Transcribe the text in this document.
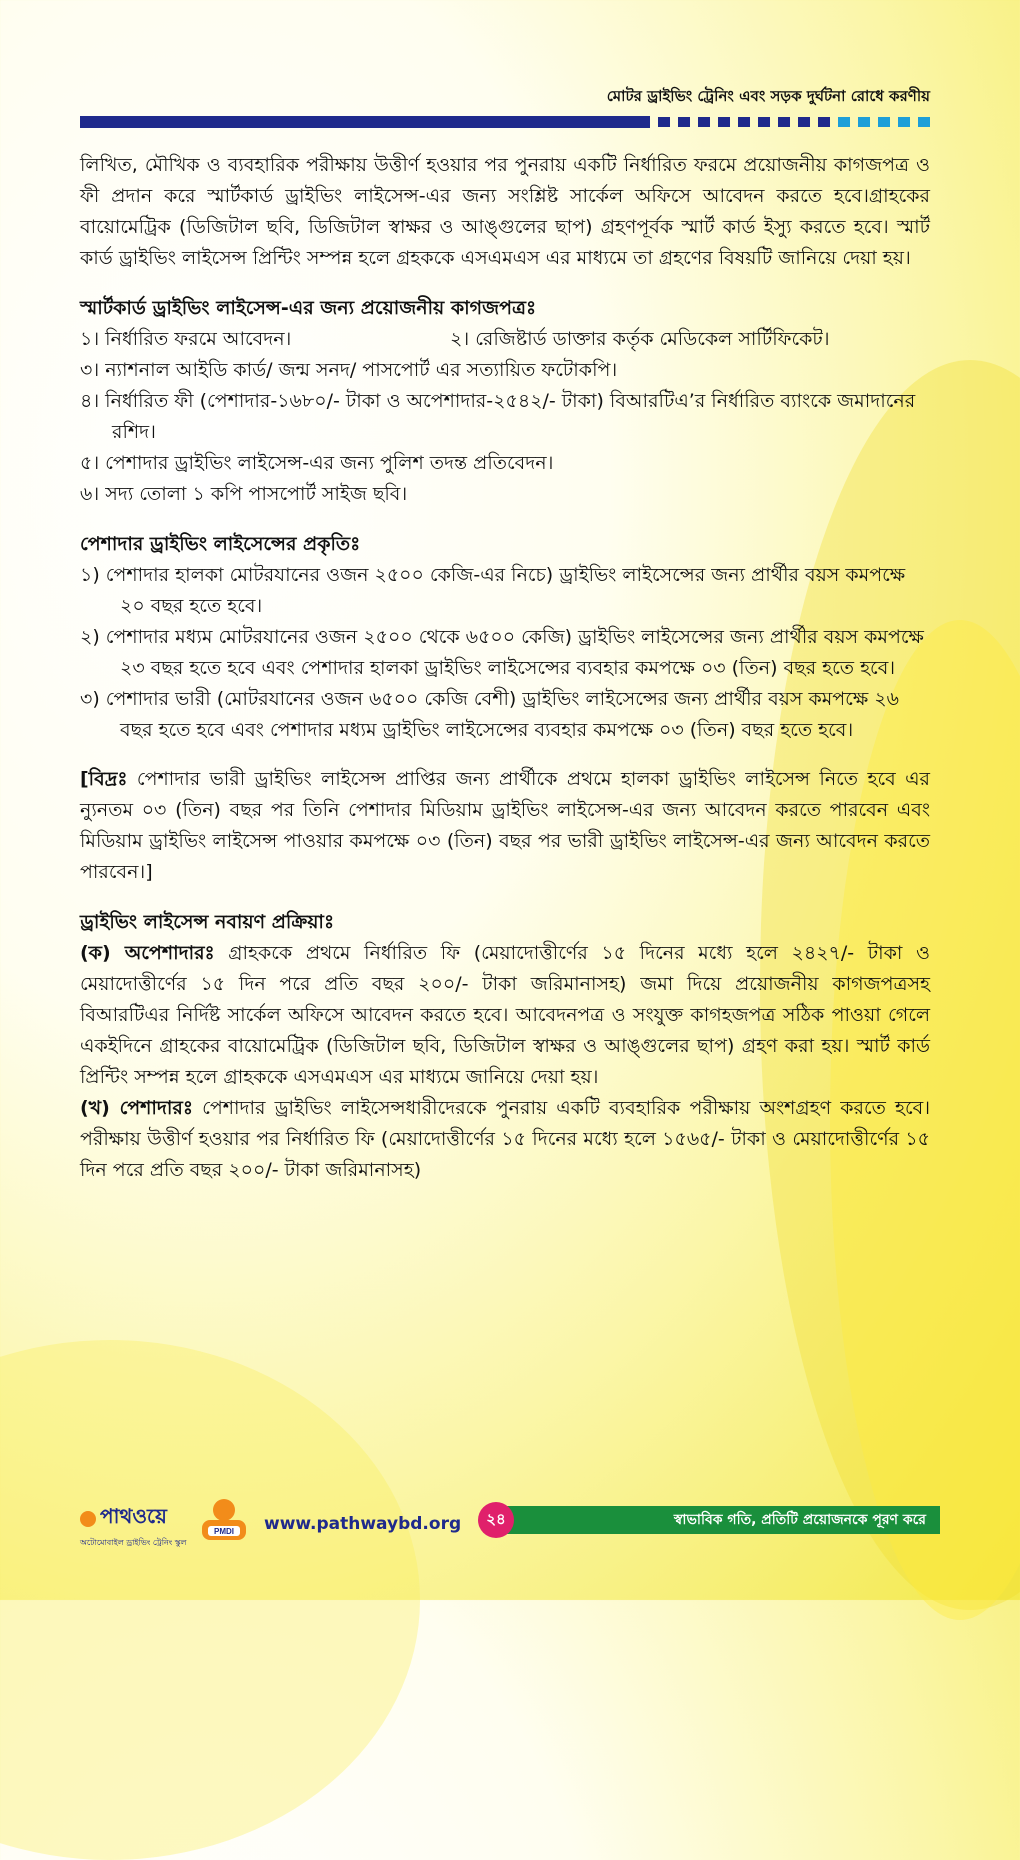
মোটর ড্রাইভিং ট্রেনিং এবং সড়ক দুর্ঘটনা রোধে করণীয়

লিখিত, মৌখিক ও ব্যবহারিক পরীক্ষায় উত্তীর্ণ হওয়ার পর পুনরায় একটি নির্ধারিত ফরমে প্রয়োজনীয় কাগজপত্র ও ফী প্রদান করে স্মার্টকার্ড ড্রাইভিং লাইসেন্স-এর জন্য সংশ্লিষ্ট সার্কেল অফিসে আবেদন করতে হবে।গ্রাহকের বায়োমেট্রিক (ডিজিটাল ছবি, ডিজিটাল স্বাক্ষর ও আঙ্গুলের ছাপ) গ্রহণপূর্বক স্মার্ট কার্ড ইস্যু করতে হবে। স্মার্ট কার্ড ড্রাইভিং লাইসেন্স প্রিন্টিং সম্পন্ন হলে গ্রহককে এসএমএস এর মাধ্যমে তা গ্রহণের বিষয়টি জানিয়ে দেয়া হয়।

স্মার্টকার্ড ড্রাইভিং লাইসেন্স-এর জন্য প্রয়োজনীয় কাগজপত্রঃ
১। নির্ধারিত ফরমে আবেদন।	২। রেজিষ্টার্ড ডাক্তার কর্তৃক মেডিকেল সার্টিফিকেট।
৩। ন্যাশনাল আইডি কার্ড/ জন্ম সনদ/ পাসপোর্ট এর সত্যায়িত ফটোকপি।
৪। নির্ধারিত ফী (পেশাদার-১৬৮০/- টাকা ও অপেশাদার-২৫৪২/- টাকা) বিআরটিএ’র নির্ধারিত ব্যাংকে জমাদানের রশিদ।
৫। পেশাদার ড্রাইভিং লাইসেন্স-এর জন্য পুলিশ তদন্ত প্রতিবেদন।
৬। সদ্য তোলা ১ কপি পাসপোর্ট সাইজ ছবি।
পেশাদার ড্রাইভিং লাইসেন্সের প্রকৃতিঃ
১) পেশাদার হালকা মোটরযানের ওজন ২৫০০ কেজি-এর নিচে) ড্রাইভিং লাইসেন্সের জন্য প্রার্থীর বয়স কমপক্ষে ২০ বছর হতে হবে।
২) পেশাদার মধ্যম মোটরযানের ওজন ২৫০০ থেকে ৬৫০০ কেজি) ড্রাইভিং লাইসেন্সের জন্য প্রার্থীর বয়স কমপক্ষে ২৩ বছর হতে হবে এবং পেশাদার হালকা ড্রাইভিং লাইসেন্সের ব্যবহার কমপক্ষে ০৩ (তিন) বছর হতে হবে।
৩) পেশাদার ভারী (মোটরযানের ওজন ৬৫০০ কেজি বেশী) ড্রাইভিং লাইসেন্সের জন্য প্রার্থীর বয়স কমপক্ষে ২৬ বছর হতে হবে এবং পেশাদার মধ্যম ড্রাইভিং লাইসেন্সের ব্যবহার কমপক্ষে ০৩ (তিন) বছর হতে হবে।

[বিদ্রঃ পেশাদার ভারী ড্রাইভিং লাইসেন্স প্রাপ্তির জন্য প্রার্থীকে প্রথমে হালকা ড্রাইভিং লাইসেন্স নিতে হবে এর ন্যুনতম ০৩ (তিন) বছর পর তিনি পেশাদার মিডিয়াম ড্রাইভিং লাইসেন্স-এর জন্য আবেদন করতে পারবেন এবং মিডিয়াম ড্রাইভিং লাইসেন্স পাওয়ার কমপক্ষে ০৩ (তিন) বছর পর ভারী ড্রাইভিং লাইসেন্স-এর জন্য আবেদন করতে পারবেন।]

ড্রাইভিং লাইসেন্স নবায়ণ প্রক্রিয়াঃ

(ক) অপেশাদারঃ গ্রাহককে প্রথমে নির্ধারিত ফি (মেয়াদোত্তীর্ণের ১৫ দিনের মধ্যে হলে ২৪২৭/- টাকা ও মেয়াদোত্তীর্ণের ১৫ দিন পরে প্রতি বছর ২০০/- টাকা জরিমানাসহ) জমা দিয়ে প্রয়োজনীয় কাগজপত্রসহ বিআরটিএর নির্দিষ্ট সার্কেল অফিসে আবেদন করতে হবে। আবেদনপত্র ও সংযুক্ত কাগহজপত্র সঠিক পাওয়া গেলে একইদিনে গ্রাহকের বায়োমেট্রিক (ডিজিটাল ছবি, ডিজিটাল স্বাক্ষর ও আঙ্গুলের ছাপ) গ্রহণ করা হয়। স্মার্ট কার্ড প্রিন্টিং সম্পন্ন হলে গ্রাহককে এসএমএস এর মাধ্যমে জানিয়ে দেয়া হয়।

(খ) পেশাদারঃ পেশাদার ড্রাইভিং লাইসেন্সধারীদেরকে পুনরায় একটি ব্যবহারিক পরীক্ষায় অংশগ্রহণ করতে হবে। পরীক্ষায় উত্তীর্ণ হওয়ার পর নির্ধারিত ফি (মেয়াদোত্তীর্ণের ১৫ দিনের মধ্যে হলে ১৫৬৫/- টাকা ও মেয়াদোত্তীর্ণের ১৫ দিন পরে প্রতি বছর ২০০/- টাকা জরিমানাসহ)

পাথওয়ে
অটোমোবাইল ড্রাইভিং ট্রেনিং স্কুল
PMDI www.pathwaybd.org	২৪	স্বাভাবিক গতি, প্রতিটি প্রয়োজনকে পূরণ করে
